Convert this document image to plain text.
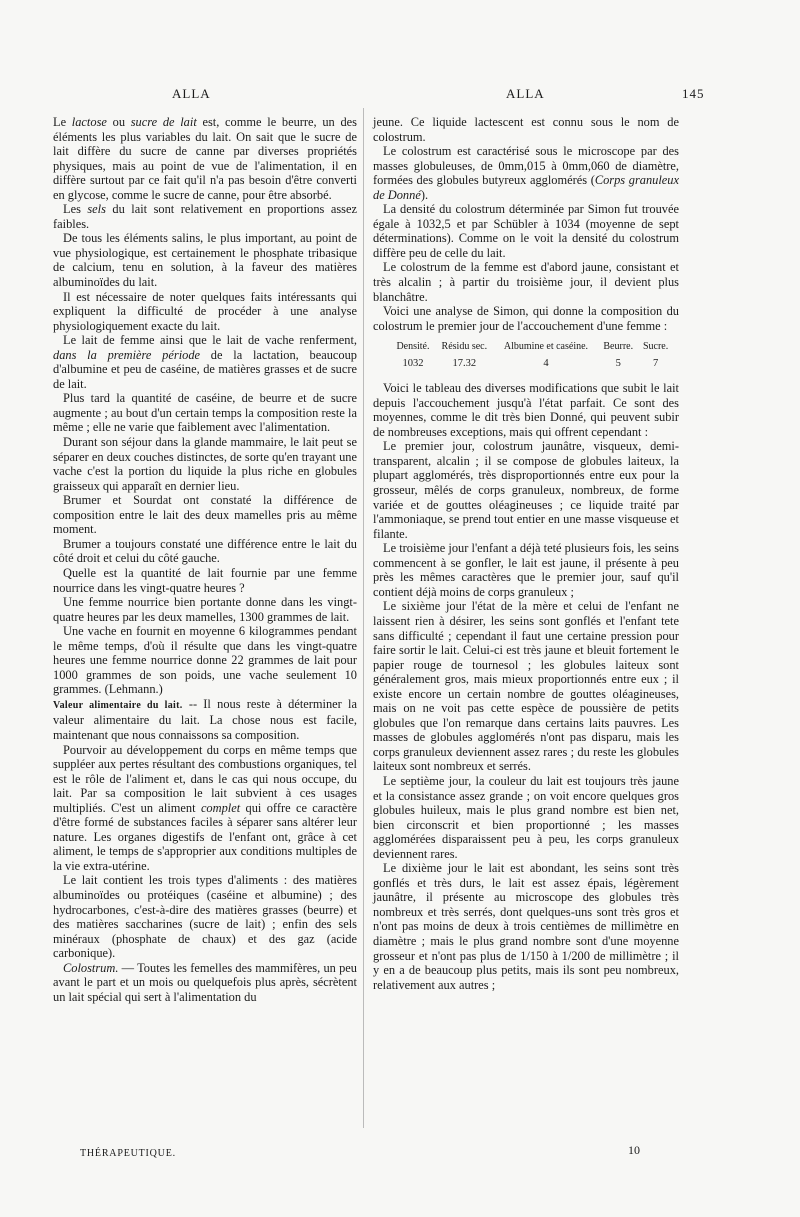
ALLA	ALLA	145

Le lactose ou sucre de lait est, comme le beurre, un des éléments les plus variables du lait. On sait que le sucre de lait diffère du sucre de canne par diverses propriétés physiques, mais au point de vue de l'alimentation, il en diffère surtout par ce fait qu'il n'a pas besoin d'être converti en glycose, comme le sucre de canne, pour être absorbé.

Les sels du lait sont relativement en proportions assez faibles.

De tous les éléments salins, le plus important, au point de vue physiologique, est certainement le phosphate tribasique de calcium, tenu en solution, à la faveur des matières albuminoïdes du lait.

Il est nécessaire de noter quelques faits intéressants qui expliquent la difficulté de procéder à une analyse physiologiquement exacte du lait.

Le lait de femme ainsi que le lait de vache renferment, dans la première période de la lactation, beaucoup d'albumine et peu de caséine, de matières grasses et de sucre de lait.

Plus tard la quantité de caséine, de beurre et de sucre augmente ; au bout d'un certain temps la composition reste la même ; elle ne varie que faiblement avec l'alimentation.

Durant son séjour dans la glande mammaire, le lait peut se séparer en deux couches distinctes, de sorte qu'en trayant une vache c'est la portion du liquide la plus riche en globules graisseux qui apparaît en dernier lieu.

Brumer et Sourdat ont constaté la différence de composition entre le lait des deux mamelles pris au même moment.

Brumer a toujours constaté une différence entre le lait du côté droit et celui du côté gauche.

Quelle est la quantité de lait fournie par une femme nourrice dans les vingt-quatre heures ?

Une femme nourrice bien portante donne dans les vingt-quatre heures par les deux mamelles, 1300 grammes de lait.

Une vache en fournit en moyenne 6 kilogrammes pendant le même temps, d'où il résulte que dans les vingt-quatre heures une femme nourrice donne 22 grammes de lait pour 1000 grammes de son poids, une vache seulement 10 grammes. (Lehmann.)

Valeur alimentaire du lait. -- Il nous reste à déterminer la valeur alimentaire du lait. La chose nous est facile, maintenant que nous connaissons sa composition.

Pourvoir au développement du corps en même temps que suppléer aux pertes résultant des combustions organiques, tel est le rôle de l'aliment et, dans le cas qui nous occupe, du lait. Par sa composition le lait subvient à ces usages multipliés. C'est un aliment complet qui offre ce caractère d'être formé de substances faciles à séparer sans altérer leur nature. Les organes digestifs de l'enfant ont, grâce à cet aliment, le temps de s'approprier aux conditions multiples de la vie extra-utérine.

Le lait contient les trois types d'aliments : des matières albuminoïdes ou protéiques (caséine et albumine) ; des hydrocarbones, c'est-à-dire des matières grasses (beurre) et des matières saccharines (sucre de lait) ; enfin des sels minéraux (phosphate de chaux) et des gaz (acide carbonique).

Colostrum. — Toutes les femelles des mammifères, un peu avant le part et un mois ou quelquefois plus après, sécrètent un lait spécial qui sert à l'alimentation du

jeune. Ce liquide lactescent est connu sous le nom de colostrum.

Le colostrum est caractérisé sous le microscope par des masses globuleuses, de 0mm,015 à 0mm,060 de diamètre, formées des globules butyreux agglomérés (Corps granuleux de Donné).

La densité du colostrum déterminée par Simon fut trouvée égale à 1032,5 et par Schübler à 1034 (moyenne de sept déterminations). Comme on le voit la densité du colostrum diffère peu de celle du lait.

Le colostrum de la femme est d'abord jaune, consistant et très alcalin ; à partir du troisième jour, il devient plus blanchâtre.

Voici une analyse de Simon, qui donne la composition du colostrum le premier jour de l'accouchement d'une femme :

Densité.	Résidu sec.	Albumine et caséine.	Beurre.	Sucre.
1032	17.32	4	5	7

Voici le tableau des diverses modifications que subit le lait depuis l'accouchement jusqu'à l'état parfait. Ce sont des moyennes, comme le dit très bien Donné, qui peuvent subir de nombreuses exceptions, mais qui offrent cependant :

Le premier jour, colostrum jaunâtre, visqueux, demi-transparent, alcalin ; il se compose de globules laiteux, la plupart agglomérés, très disproportionnés entre eux pour la grosseur, mêlés de corps granuleux, nombreux, de forme variée et de gouttes oléagineuses ; ce liquide traité par l'ammoniaque, se prend tout entier en une masse visqueuse et filante.

Le troisième jour l'enfant a déjà teté plusieurs fois, les seins commencent à se gonfler, le lait est jaune, il présente à peu près les mêmes caractères que le premier jour, sauf qu'il contient déjà moins de corps granuleux ;

Le sixième jour l'état de la mère et celui de l'enfant ne laissent rien à désirer, les seins sont gonflés et l'enfant tete sans difficulté ; cependant il faut une certaine pression pour faire sortir le lait. Celui-ci est très jaune et bleuit fortement le papier rouge de tournesol ; les globules laiteux sont généralement gros, mais mieux proportionnés entre eux ; il existe encore un certain nombre de gouttes oléagineuses, mais on ne voit pas cette espèce de poussière de petits globules que l'on remarque dans certains laits pauvres. Les masses de globules agglomérés n'ont pas disparu, mais les corps granuleux deviennent assez rares ; du reste les globules laiteux sont nombreux et serrés.

Le septième jour, la couleur du lait est toujours très jaune et la consistance assez grande ; on voit encore quelques gros globules huileux, mais le plus grand nombre est bien net, bien circonscrit et bien proportionné ; les masses agglomérées disparaissent peu à peu, les corps granuleux deviennent rares.

Le dixième jour le lait est abondant, les seins sont très gonflés et très durs, le lait est assez épais, légèrement jaunâtre, il présente au microscope des globules très nombreux et très serrés, dont quelques-uns sont très gros et n'ont pas moins de deux à trois centièmes de millimètre en diamètre ; mais le plus grand nombre sont d'une moyenne grosseur et n'ont pas plus de 1/150 à 1/200 de millimètre ; il y en a de beaucoup plus petits, mais ils sont peu nombreux, relativement aux autres ;

THÉRAPEUTIQUE.	10
